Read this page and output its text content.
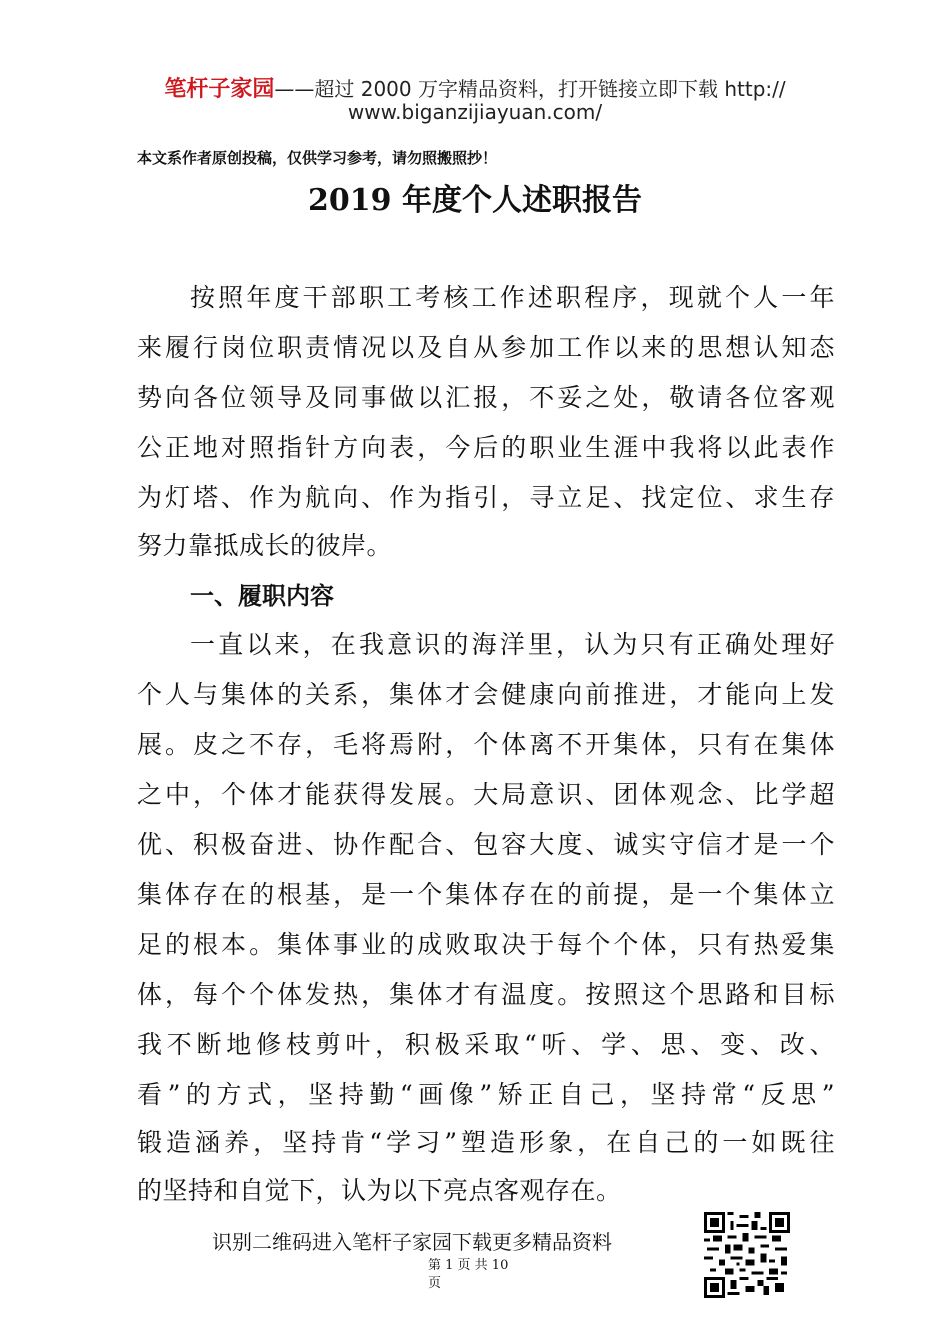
笔杆子家园——超过 2000 万字精品资料，打开链接立即下载 http://
www.biganzijiayuan.com/
本文系作者原创投稿，仅供学习参考，请勿照搬照抄！
2019 年度个人述职报告
按照年度干部职工考核工作述职程序，现就个人一年
来履行岗位职责情况以及自从参加工作以来的思想认知态
势向各位领导及同事做以汇报，不妥之处，敬请各位客观
公正地对照指针方向表，今后的职业生涯中我将以此表作
为灯塔、作为航向、作为指引，寻立足、找定位、求生存
努力靠抵成长的彼岸。
一、履职内容
一直以来，在我意识的海洋里，认为只有正确处理好
个人与集体的关系，集体才会健康向前推进，才能向上发
展。皮之不存，毛将焉附，个体离不开集体，只有在集体
之中，个体才能获得发展。大局意识、团体观念、比学超
优、积极奋进、协作配合、包容大度、诚实守信才是一个
集体存在的根基，是一个集体存在的前提，是一个集体立
足的根本。集体事业的成败取决于每个个体，只有热爱集
体，每个个体发热，集体才有温度。按照这个思路和目标
我不断地修枝剪叶，积极采取“听、学、思、变、改、
看”的方式，坚持勤“画像”矫正自己，坚持常“反思”
锻造涵养，坚持肯“学习”塑造形象，在自己的一如既往
的坚持和自觉下，认为以下亮点客观存在。
识别二维码进入笔杆子家园下载更多精品资料
第 1 页 共 10
页
